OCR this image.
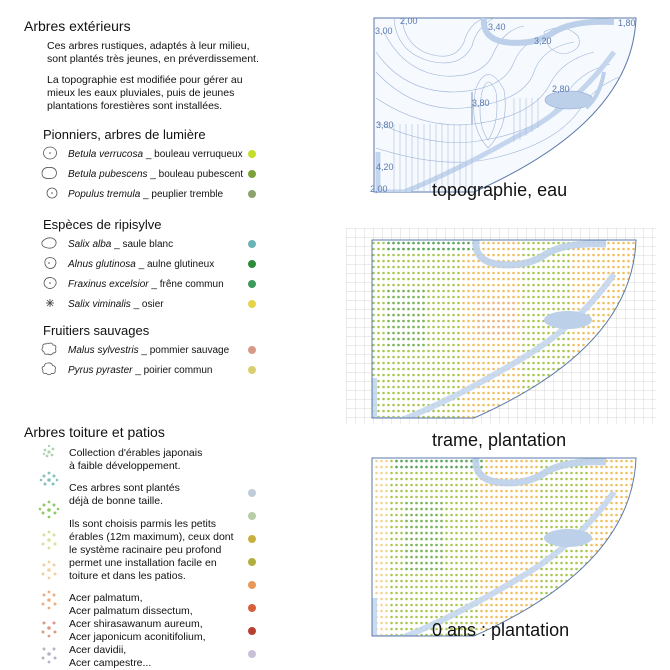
Arbres extérieurs
Ces arbres rustiques, adaptés à leur milieu,
sont plantés très jeunes, en préverdissement.
La topographie est modifiée pour gérer au
mieux les eaux pluviales, puis de jeunes
plantations forestières sont installées.
Pionniers, arbres de lumière
Betula verrucosa _ bouleau verruqueux
Betula pubescens _ bouleau pubescent
Populus tremula _ peuplier tremble
Espèces de ripisylve
Salix alba _ saule blanc
Alnus glutinosa _ aulne glutineux
Fraxinus excelsior _ frêne commun
Salix viminalis _ osier
Fruitiers sauvages
Malus sylvestris _ pommier sauvage
Pyrus pyraster _ poirier commun
Arbres toiture et patios
Collection d'érables japonais
à faible développement.
Ces arbres sont plantés
déjà de bonne taille.
Ils sont choisis parmis les petits
érables (12m maximum), ceux dont
le système racinaire peu profond
permet une installation facile en
toiture et dans les patios.
Acer palmatum,
Acer palmatum dissectum,
Acer shirasawanum aureum,
Acer japonicum aconitifolium,
Acer davidii,
Acer campestre...
2,00
3,40	1,80
3,00
3,20
2,80
3,80
3,80
4,20
2,00 topographie, eau
trame, plantation
0 ans : plantation
